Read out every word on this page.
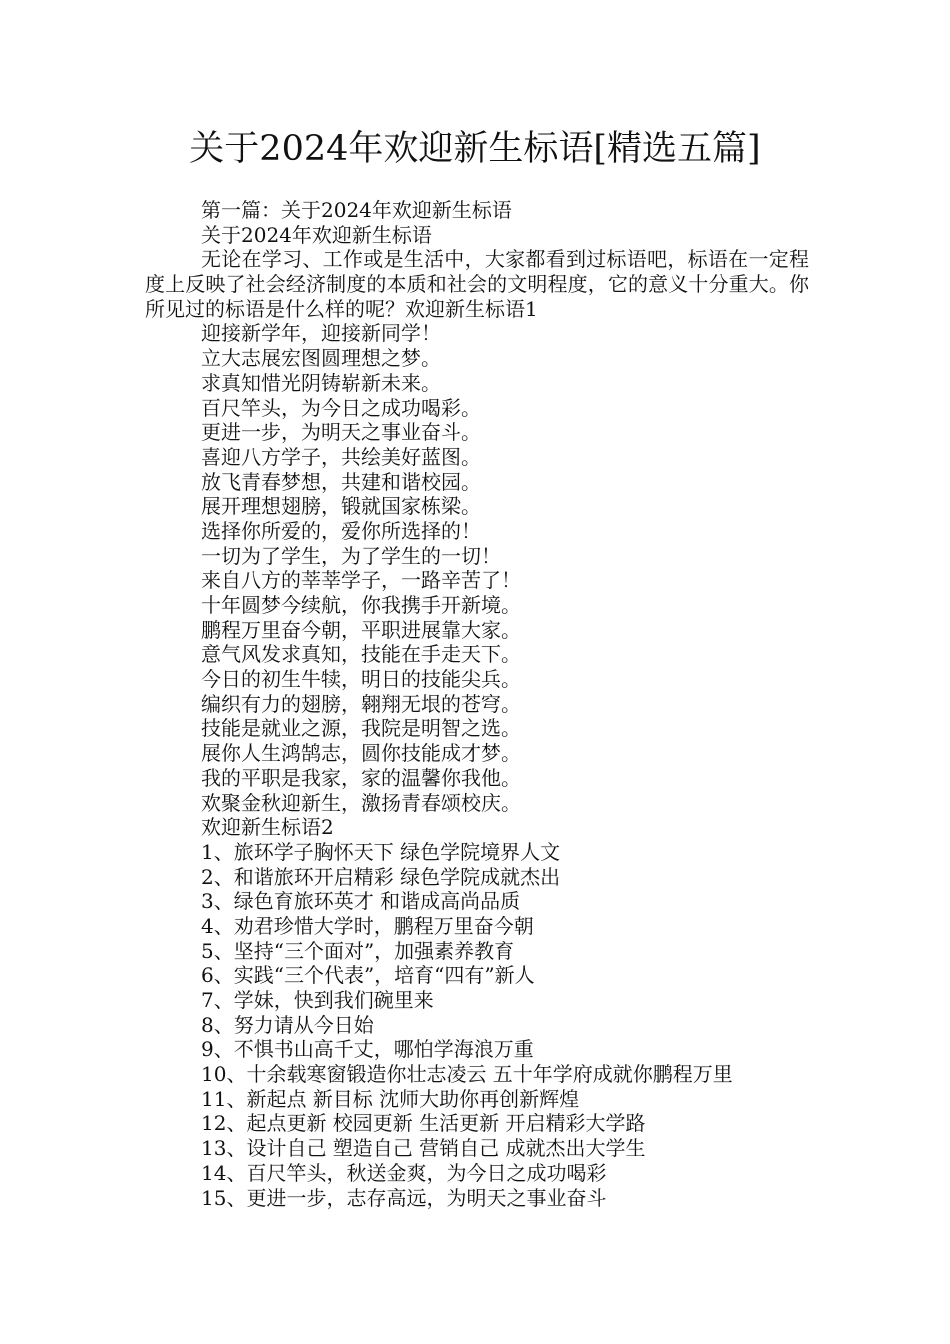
关于2024年欢迎新生标语[精选五篇]
第一篇：关于2024年欢迎新生标语
关于2024年欢迎新生标语
无论在学习、工作或是生活中，大家都看到过标语吧，标语在一定程度上反映了社会经济制度的本质和社会的文明程度，它的意义十分重大。你所见过的标语是什么样的呢？欢迎新生标语1
迎接新学年，迎接新同学！
立大志展宏图圆理想之梦。
求真知惜光阴铸崭新未来。
百尺竿头，为今日之成功喝彩。
更进一步，为明天之事业奋斗。
喜迎八方学子，共绘美好蓝图。
放飞青春梦想，共建和谐校园。
展开理想翅膀，锻就国家栋梁。
选择你所爱的，爱你所选择的！
一切为了学生，为了学生的一切！
来自八方的莘莘学子，一路辛苦了！
十年圆梦今续航，你我携手开新境。
鹏程万里奋今朝，平职进展靠大家。
意气风发求真知，技能在手走天下。
今日的初生牛犊，明日的技能尖兵。
编织有力的翅膀，翱翔无垠的苍穹。
技能是就业之源，我院是明智之选。
展你人生鸿鹄志，圆你技能成才梦。
我的平职是我家，家的温馨你我他。
欢聚金秋迎新生，激扬青春颂校庆。
欢迎新生标语2
1、旅环学子胸怀天下 绿色学院境界人文
2、和谐旅环开启精彩 绿色学院成就杰出
3、绿色育旅环英才 和谐成高尚品质
4、劝君珍惜大学时，鹏程万里奋今朝
5、坚持“三个面对”，加强素养教育
6、实践“三个代表”，培育“四有”新人
7、学妹，快到我们碗里来
8、努力请从今日始
9、不惧书山高千丈，哪怕学海浪万重
10、十余载寒窗锻造你壮志凌云 五十年学府成就你鹏程万里
11、新起点 新目标 沈师大助你再创新辉煌
12、起点更新 校园更新 生活更新 开启精彩大学路
13、设计自己 塑造自己 营销自己 成就杰出大学生
14、百尺竿头，秋送金爽，为今日之成功喝彩
15、更进一步，志存高远，为明天之事业奋斗
